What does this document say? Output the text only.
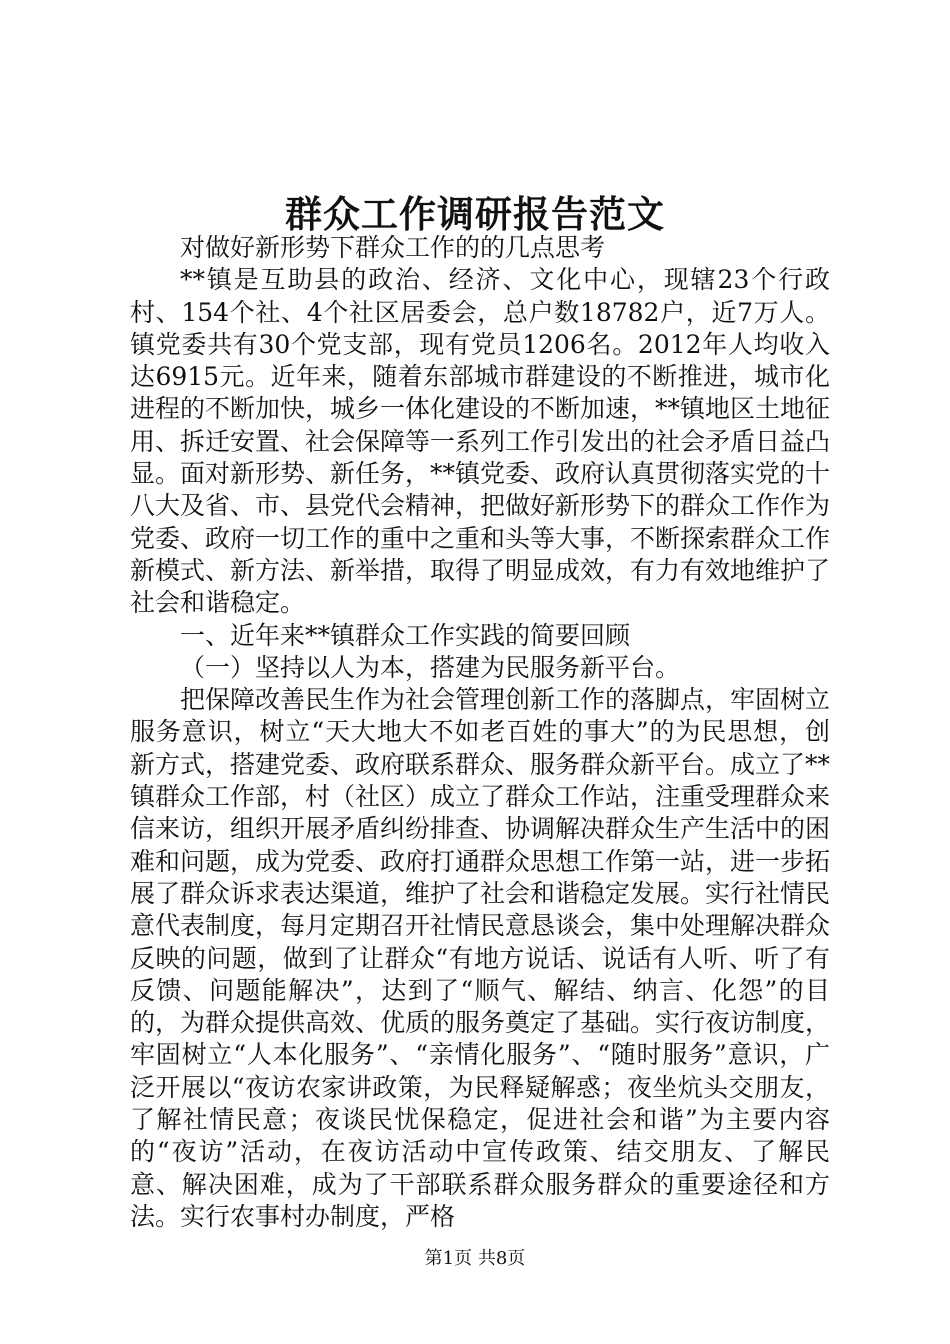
群众工作调研报告范文

对做好新形势下群众工作的的几点思考

**镇是互助县的政治、经济、文化中心，现辖23个行政村、154个社、4个社区居委会，总户数18782户，近7万人。镇党委共有30个党支部，现有党员1206名。2012年人均收入达6915元。近年来，随着东部城市群建设的不断推进，城市化进程的不断加快，城乡一体化建设的不断加速，**镇地区土地征用、拆迁安置、社会保障等一系列工作引发出的社会矛盾日益凸显。面对新形势、新任务，**镇党委、政府认真贯彻落实党的十八大及省、市、县党代会精神，把做好新形势下的群众工作作为党委、政府一切工作的重中之重和头等大事，不断探索群众工作新模式、新方法、新举措，取得了明显成效，有力有效地维护了社会和谐稳定。

一、近年来**镇群众工作实践的简要回顾

（一）坚持以人为本，搭建为民服务新平台。

把保障改善民生作为社会管理创新工作的落脚点，牢固树立服务意识，树立“天大地大不如老百姓的事大”的为民思想，创新方式，搭建党委、政府联系群众、服务群众新平台。成立了**镇群众工作部，村（社区）成立了群众工作站，注重受理群众来信来访，组织开展矛盾纠纷排查、协调解决群众生产生活中的困难和问题，成为党委、政府打通群众思想工作第一站，进一步拓展了群众诉求表达渠道，维护了社会和谐稳定发展。实行社情民意代表制度，每月定期召开社情民意恳谈会，集中处理解决群众反映的问题，做到了让群众“有地方说话、说话有人听、听了有反馈、问题能解决”，达到了“顺气、解结、纳言、化怨”的目的，为群众提供高效、优质的服务奠定了基础。实行夜访制度，牢固树立“人本化服务”、“亲情化服务”、“随时服务”意识，广泛开展以“夜访农家讲政策，为民释疑解惑；夜坐炕头交朋友，了解社情民意；夜谈民忧保稳定，促进社会和谐”为主要内容的“夜访”活动，在夜访活动中宣传政策、结交朋友、了解民意、解决困难，成为了干部联系群众服务群众的重要途径和方法。实行农事村办制度，严格

第1页 共8页
